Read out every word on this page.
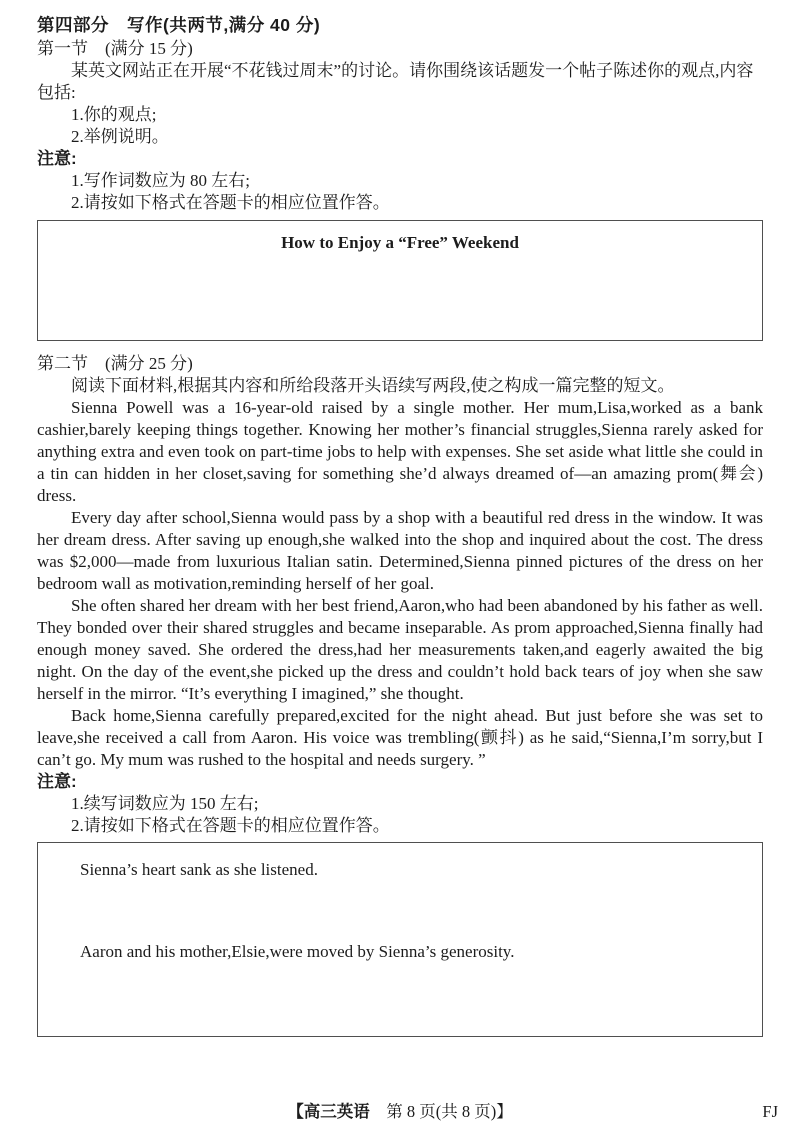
第四部分　写作(共两节,满分 40 分)
第一节　(满分 15 分)
某英文网站正在开展“不花钱过周末”的讨论。请你围绕该话题发一个帖子陈述你的观点,内容包括:
1.你的观点;
2.举例说明。
注意:
1.写作词数应为 80 左右;
2.请按如下格式在答题卡的相应位置作答。
How to Enjoy a “Free” Weekend
第二节　(满分 25 分)
阅读下面材料,根据其内容和所给段落开头语续写两段,使之构成一篇完整的短文。
Sienna Powell was a 16-year-old raised by a single mother. Her mum,Lisa,worked as a bank cashier,barely keeping things together. Knowing her mother’s financial struggles,Sienna rarely asked for anything extra and even took on part-time jobs to help with expenses. She set aside what little she could in a tin can hidden in her closet,saving for something she’d always dreamed of—an amazing prom(舞会) dress.
Every day after school,Sienna would pass by a shop with a beautiful red dress in the window. It was her dream dress. After saving up enough,she walked into the shop and inquired about the cost. The dress was $2,000—made from luxurious Italian satin. Determined,Sienna pinned pictures of the dress on her bedroom wall as motivation,reminding herself of her goal.
She often shared her dream with her best friend,Aaron,who had been abandoned by his father as well. They bonded over their shared struggles and became inseparable. As prom approached,Sienna finally had enough money saved. She ordered the dress,had her measurements taken,and eagerly awaited the big night. On the day of the event,she picked up the dress and couldn’t hold back tears of joy when she saw herself in the mirror. “It’s everything I imagined,” she thought.
Back home,Sienna carefully prepared,excited for the night ahead. But just before she was set to leave,she received a call from Aaron. His voice was trembling(颤抖) as he said,“Sienna,I’m sorry,but I can’t go. My mum was rushed to the hospital and needs surgery. ”
注意:
1.续写词数应为 150 左右;
2.请按如下格式在答题卡的相应位置作答。
Sienna’s heart sank as she listened.
Aaron and his mother,Elsie,were moved by Sienna’s generosity.
【高三英语　第 8 页(共 8 页)】	FJ
